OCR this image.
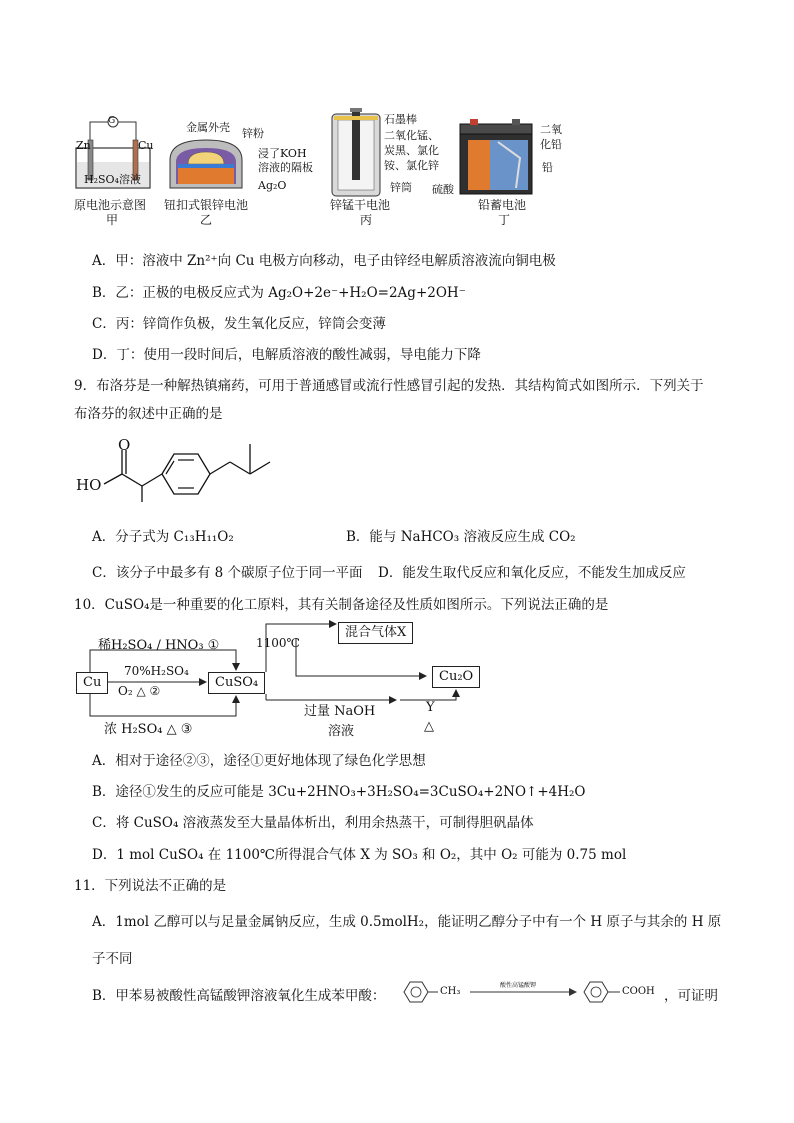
Zn	Cu
G
H₂SO₄溶液
原电池示意图
甲
金属外壳 锌粉
浸了KOH
溶液的隔板
Ag₂O
钮扣式银锌电池
乙
石墨棒
二氧化锰、
炭黑、氯化
铵、氯化锌
锌筒
锌锰干电池
丙
二氧
化铅
铅
硫酸
铅蓄电池
丁
A．甲：溶液中 Zn²⁺向 Cu 电极方向移动，电子由锌经电解质溶液流向铜电极
B．乙：正极的电极反应式为 Ag₂O+2e⁻+H₂O=2Ag+2OH⁻
C．丙：锌筒作负极，发生氧化反应，锌筒会变薄
D．丁：使用一段时间后，电解质溶液的酸性减弱，导电能力下降
9．布洛芬是一种解热镇痛药，可用于普通感冒或流行性感冒引起的发热．其结构简式如图所示．下列关于
布洛芬的叙述中正确的是
O
HO
A．分子式为 C₁₃H₁₁O₂	B．能与 NaHCO₃ 溶液反应生成 CO₂
C．该分子中最多有 8 个碳原子位于同一平面 D．能发生取代反应和氧化反应，不能发生加成反应
10．CuSO₄是一种重要的化工原料，其有关制备途径及性质如图所示。下列说法正确的是
Cu	CuSO₄
混合气体X
Cu₂O
稀H₂SO₄ / HNO₃ ①
70%H₂SO₄
O₂ △ ②
浓 H₂SO₄ △ ③
1100℃
过量 NaOH
溶液
Y
△
A．相对于途径②③，途径①更好地体现了绿色化学思想
B．途径①发生的反应可能是 3Cu+2HNO₃+3H₂SO₄=3CuSO₄+2NO↑+4H₂O
C．将 CuSO₄ 溶液蒸发至大量晶体析出，利用余热蒸干，可制得胆矾晶体
D．1 mol CuSO₄ 在 1100℃所得混合气体 X 为 SO₃ 和 O₂，其中 O₂ 可能为 0.75 mol
11．下列说法不正确的是
A．1mol 乙醇可以与足量金属钠反应，生成 0.5molH₂，能证明乙醇分子中有一个 H 原子与其余的 H 原
子不同
B．甲苯易被酸性高锰酸钾溶液氧化生成苯甲酸：	CH₃
酸性高锰酸钾
COOH ，可证明
